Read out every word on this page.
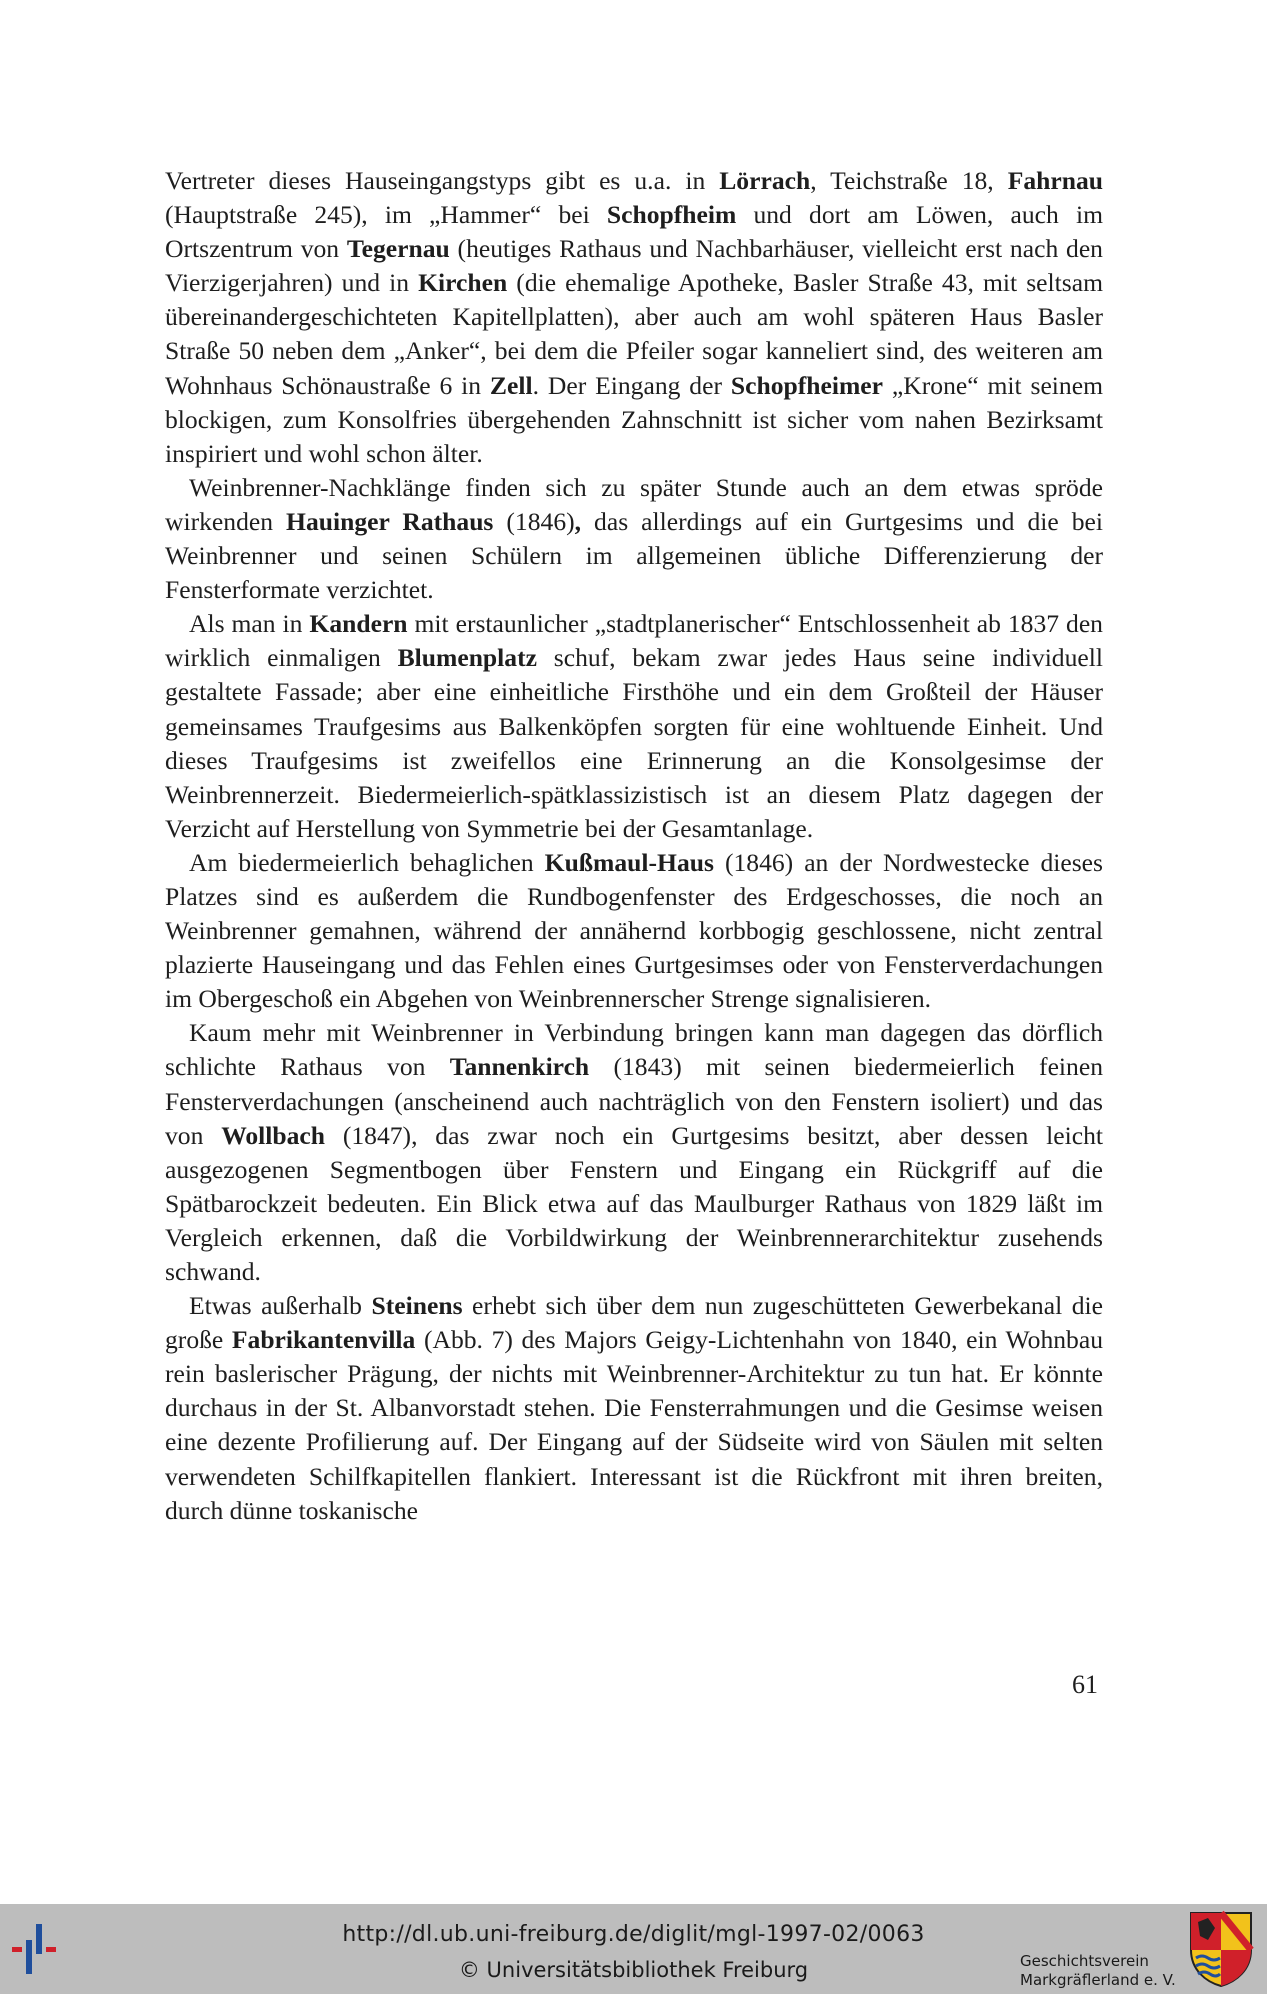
Vertreter dieses Hauseingangstyps gibt es u.a. in Lörrach, Teichstraße 18, Fahrnau (Hauptstraße 245), im „Hammer“ bei Schopfheim und dort am Löwen, auch im Ortszentrum von Tegernau (heutiges Rathaus und Nachbarhäuser, vielleicht erst nach den Vierzigerjahren) und in Kirchen (die ehemalige Apotheke, Basler Straße 43, mit seltsam übereinandergeschichteten Kapitellplatten), aber auch am wohl späteren Haus Basler Straße 50 neben dem „Anker“, bei dem die Pfeiler sogar kanneliert sind, des weiteren am Wohnhaus Schönaustraße 6 in Zell. Der Eingang der Schopfheimer „Krone“ mit seinem blockigen, zum Konsolfries übergehenden Zahnschnitt ist sicher vom nahen Bezirksamt inspiriert und wohl schon älter.

Weinbrenner-Nachklänge finden sich zu später Stunde auch an dem etwas spröde wirkenden Hauinger Rathaus (1846), das allerdings auf ein Gurtgesims und die bei Weinbrenner und seinen Schülern im allgemeinen übliche Differenzierung der Fensterformate verzichtet.

Als man in Kandern mit erstaunlicher „stadtplanerischer“ Entschlossenheit ab 1837 den wirklich einmaligen Blumenplatz schuf, bekam zwar jedes Haus seine individuell gestaltete Fassade; aber eine einheitliche Firsthöhe und ein dem Großteil der Häuser gemeinsames Traufgesims aus Balkenköpfen sorgten für eine wohltuende Einheit. Und dieses Traufgesims ist zweifellos eine Erinnerung an die Konsolgesimse der Weinbrennerzeit. Biedermeierlich-spätklassizistisch ist an diesem Platz dagegen der Verzicht auf Herstellung von Symmetrie bei der Gesamtanlage.

Am biedermeierlich behaglichen Kußmaul-Haus (1846) an der Nordwestecke dieses Platzes sind es außerdem die Rundbogenfenster des Erdgeschosses, die noch an Weinbrenner gemahnen, während der annähernd korbbogig geschlossene, nicht zentral plazierte Hauseingang und das Fehlen eines Gurtgesimses oder von Fensterverdachungen im Obergeschoß ein Abgehen von Weinbrennerscher Strenge signalisieren.

Kaum mehr mit Weinbrenner in Verbindung bringen kann man dagegen das dörflich schlichte Rathaus von Tannenkirch (1843) mit seinen biedermeierlich feinen Fensterverdachungen (anscheinend auch nachträglich von den Fenstern isoliert) und das von Wollbach (1847), das zwar noch ein Gurtgesims besitzt, aber dessen leicht ausgezogenen Segmentbogen über Fenstern und Eingang ein Rückgriff auf die Spätbarockzeit bedeuten. Ein Blick etwa auf das Maulburger Rathaus von 1829 läßt im Vergleich erkennen, daß die Vorbildwirkung der Weinbrennerarchitektur zusehends schwand.

Etwas außerhalb Steinens erhebt sich über dem nun zugeschütteten Gewerbekanal die große Fabrikantenvilla (Abb. 7) des Majors Geigy-Lichtenhahn von 1840, ein Wohnbau rein baslerischer Prägung, der nichts mit Weinbrenner-Architektur zu tun hat. Er könnte durchaus in der St. Albanvorstadt stehen. Die Fensterrahmungen und die Gesimse weisen eine dezente Profilierung auf. Der Eingang auf der Südseite wird von Säulen mit selten verwendeten Schilfkapitellen flankiert. Interessant ist die Rückfront mit ihren breiten, durch dünne toskanische

61
http://dl.ub.uni-freiburg.de/diglit/mgl-1997-02/0063
© Universitätsbibliothek Freiburg	Geschichtsverein
Markgräflerland e. V.
